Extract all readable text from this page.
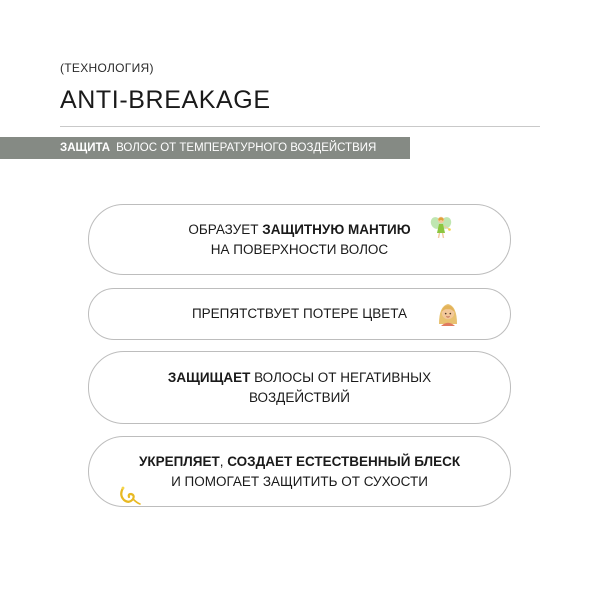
(ТЕХНОЛОГИЯ)
ANTI-BREAKAGE
ЗАЩИТА ВОЛОС ОТ ТЕМПЕРАТУРНОГО ВОЗДЕЙСТВИЯ
ОБРАЗУЕТ ЗАЩИТНУЮ МАНТИЮ
НА ПОВЕРХНОСТИ ВОЛОС
ПРЕПЯТСТВУЕТ ПОТЕРЕ ЦВЕТА
ЗАЩИЩАЕТ ВОЛОСЫ ОТ НЕГАТИВНЫХ
ВОЗДЕЙСТВИЙ
УКРЕПЛЯЕТ, СОЗДАЕТ ЕСТЕСТВЕННЫЙ БЛЕСК
И ПОМОГАЕТ ЗАЩИТИТЬ ОТ СУХОСТИ
